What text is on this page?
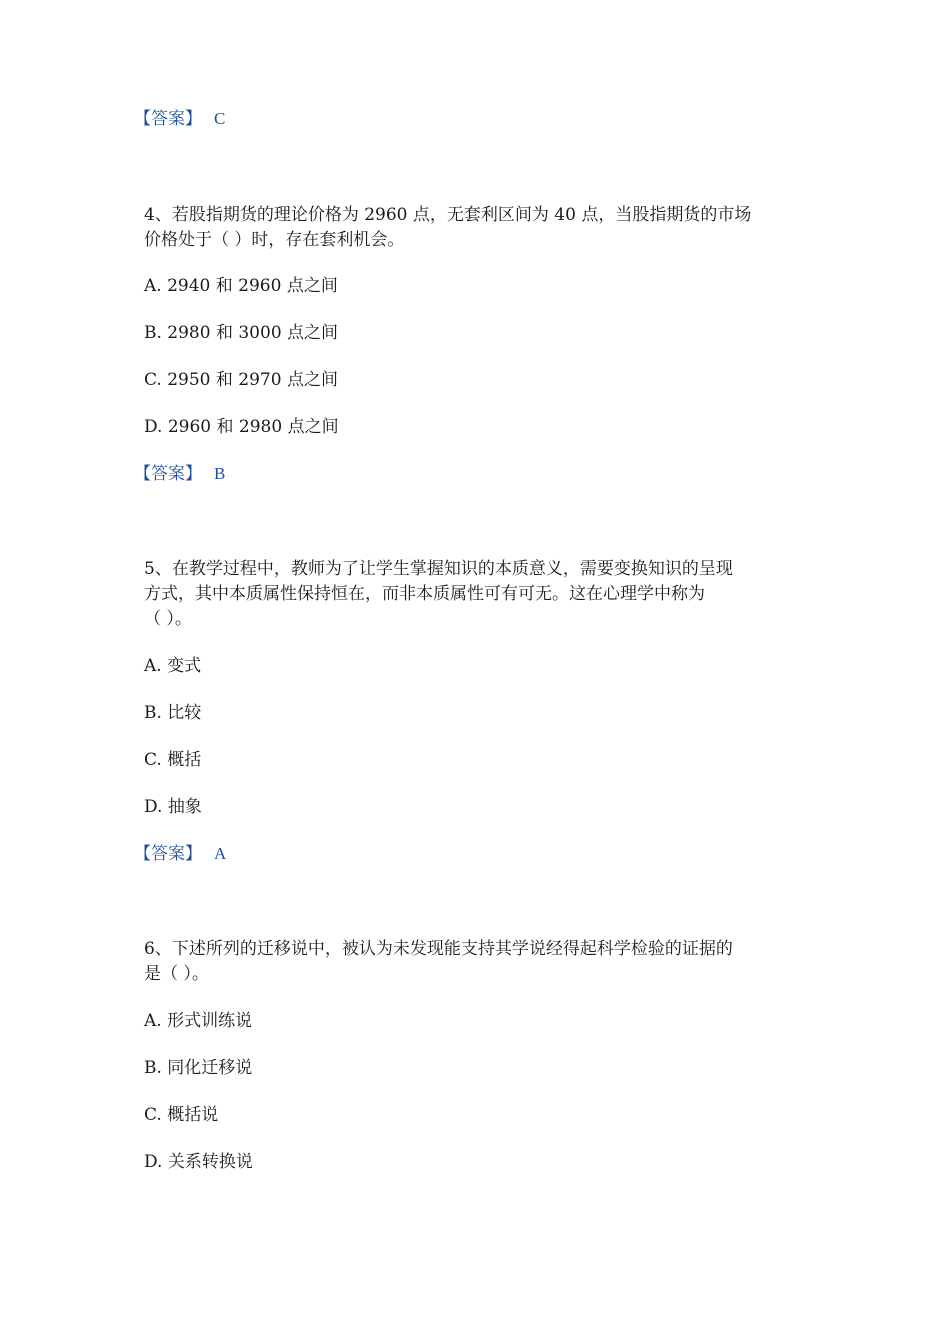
【答案】 C
4、若股指期货的理论价格为 2960 点，无套利区间为 40 点，当股指期货的市场
价格处于（ ）时，存在套利机会。
A. 2940 和 2960 点之间
B. 2980 和 3000 点之间
C. 2950 和 2970 点之间
D. 2960 和 2980 点之间
【答案】 B
5、在教学过程中，教师为了让学生掌握知识的本质意义，需要变换知识的呈现
方式，其中本质属性保持恒在，而非本质属性可有可无。这在心理学中称为
（ ）。
A. 变式
B. 比较
C. 概括
D. 抽象
【答案】 A
6、下述所列的迁移说中，被认为未发现能支持其学说经得起科学检验的证据的
是（ ）。
A. 形式训练说
B. 同化迁移说
C. 概括说
D. 关系转换说
